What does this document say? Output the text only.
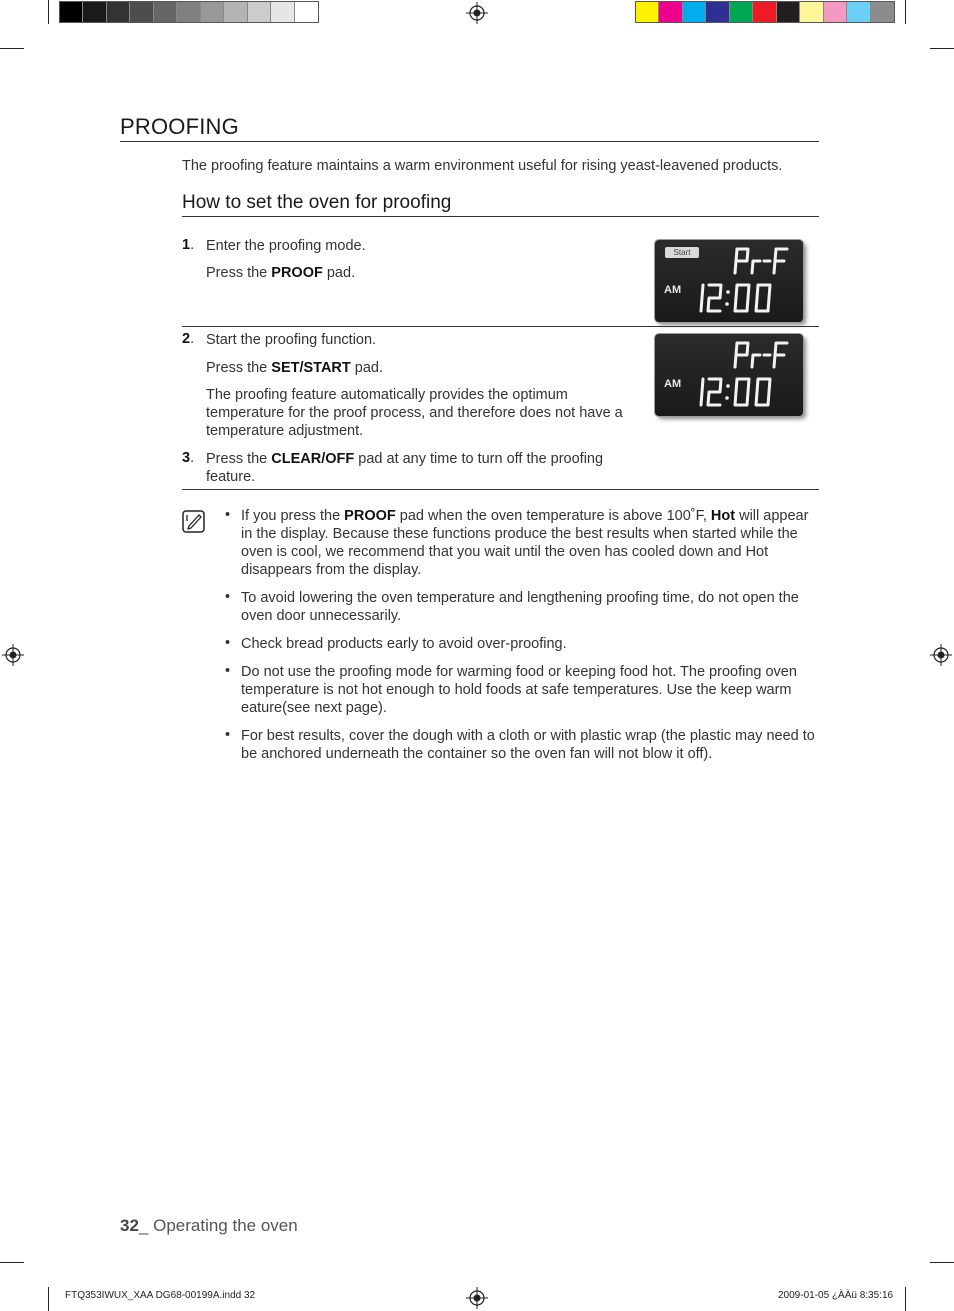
PROOFING
The proofing feature maintains a warm environment useful for rising yeast-leavened products.
How to set the oven for proofing
1. Enter the proofing mode.
Press the PROOF pad.
Start
AM
2. Start the proofing function.
Press the SET/START pad.
The proofing feature automatically provides the optimum temperature for the proof process, and therefore does not have a temperature adjustment.
AM
3. Press the CLEAR/OFF pad at any time to turn off the proofing feature.
• If you press the PROOF pad when the oven temperature is above 100˚F, Hot will appear in the display. Because these functions produce the best results when started while the oven is cool, we recommend that you wait until the oven has cooled down and Hot disappears from the display.
• To avoid lowering the oven temperature and lengthening proofing time, do not open the oven door unnecessarily.
• Check bread products early to avoid over-proofing.
• Do not use the proofing mode for warming food or keeping food hot. The proofing oven temperature is not hot enough to hold foods at safe temperatures. Use the keep warm eature(see next page).
• For best results, cover the dough with a cloth or with plastic wrap (the plastic may need to be anchored underneath the container so the oven fan will not blow it off).
32_ Operating the oven
FTQ353IWUX_XAA DG68-00199A.indd 32	2009-01-05 ¿ÀÀü 8:35:16
